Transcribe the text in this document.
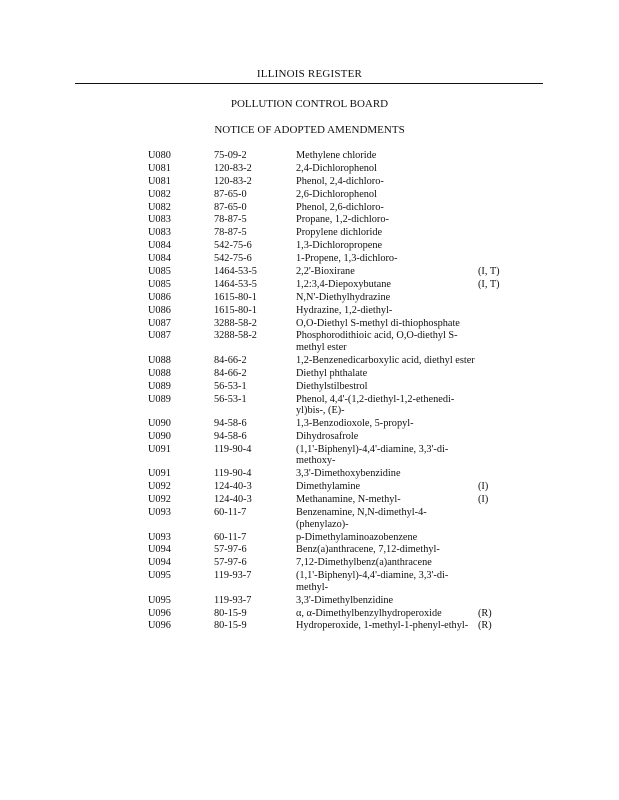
ILLINOIS REGISTER
POLLUTION CONTROL BOARD
NOTICE OF ADOPTED AMENDMENTS
U080	75-09-2	Methylene chloride	
U081	120-83-2	2,4-Dichlorophenol	
U081	120-83-2	Phenol, 2,4-dichloro-	
U082	87-65-0	2,6-Dichlorophenol	
U082	87-65-0	Phenol, 2,6-dichloro-	
U083	78-87-5	Propane, 1,2-dichloro-	
U083	78-87-5	Propylene dichloride	
U084	542-75-6	1,3-Dichloropropene	
U084	542-75-6	1-Propene, 1,3-dichloro-	
U085	1464-53-5	2,2'-Bioxirane	(I, T)
U085	1464-53-5	1,2:3,4-Diepoxybutane	(I, T)
U086	1615-80-1	N,N'-Diethylhydrazine	
U086	1615-80-1	Hydrazine, 1,2-diethyl-	
U087	3288-58-2	O,O-Diethyl S-methyl di-thiophosphate	
U087	3288-58-2	Phosphorodithioic acid, O,O-diethyl S-methyl ester	
U088	84-66-2	1,2-Benzenedicarboxylic acid, diethyl ester	
U088	84-66-2	Diethyl phthalate	
U089	56-53-1	Diethylstilbestrol	
U089	56-53-1	Phenol, 4,4'-(1,2-diethyl-1,2-ethenedi-yl)bis-, (E)-	
U090	94-58-6	1,3-Benzodioxole, 5-propyl-	
U090	94-58-6	Dihydrosafrole	
U091	119-90-4	(1,1'-Biphenyl)-4,4'-diamine, 3,3'-di-methoxy-	
U091	119-90-4	3,3'-Dimethoxybenzidine	
U092	124-40-3	Dimethylamine	(I)
U092	124-40-3	Methanamine, N-methyl-	(I)
U093	60-11-7	Benzenamine, N,N-dimethyl-4-(phenylazo)-	
U093	60-11-7	p-Dimethylaminoazobenzene	
U094	57-97-6	Benz(a)anthracene, 7,12-dimethyl-	
U094	57-97-6	7,12-Dimethylbenz(a)anthracene	
U095	119-93-7	(1,1'-Biphenyl)-4,4'-diamine, 3,3'-di-methyl-	
U095	119-93-7	3,3'-Dimethylbenzidine	
U096	80-15-9	α, α-Dimethylbenzylhydroperoxide	(R)
U096	80-15-9	Hydroperoxide, 1-methyl-1-phenyl-ethyl-	(R)
